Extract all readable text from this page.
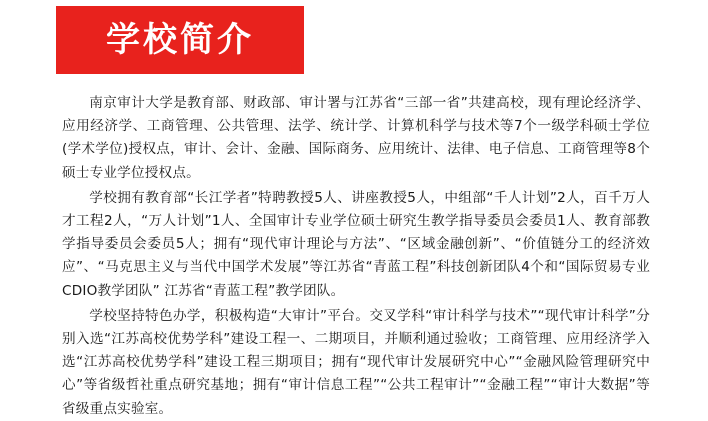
学校简介

南京审计大学是教育部、财政部、审计署与江苏省“三部一省”共建高校，现有理论经济学、应用经济学、工商管理、公共管理、法学、统计学、计算机科学与技术等7个一级学科硕士学位(学术学位)授权点，审计、会计、金融、国际商务、应用统计、法律、电子信息、工商管理等8个硕士专业学位授权点。

学校拥有教育部“长江学者”特聘教授5人、讲座教授5人，中组部“千人计划”2人，百千万人才工程2人，“万人计划”1人、全国审计专业学位硕士研究生教学指导委员会委员1人、教育部教学指导委员会委员5人；拥有“现代审计理论与方法”、“区域金融创新”、“价值链分工的经济效应”、“马克思主义与当代中国学术发展”等江苏省“青蓝工程”科技创新团队4个和“国际贸易专业CDIO教学团队” 江苏省“青蓝工程”教学团队。

学校坚持特色办学，积极构造“大审计”平台。交叉学科“审计科学与技术”“现代审计科学”分别入选“江苏高校优势学科”建设工程一、二期项目，并顺利通过验收；工商管理、应用经济学入选“江苏高校优势学科”建设工程三期项目；拥有“现代审计发展研究中心”“金融风险管理研究中心”等省级哲社重点研究基地；拥有“审计信息工程”“公共工程审计”“金融工程”“审计大数据”等省级重点实验室。
